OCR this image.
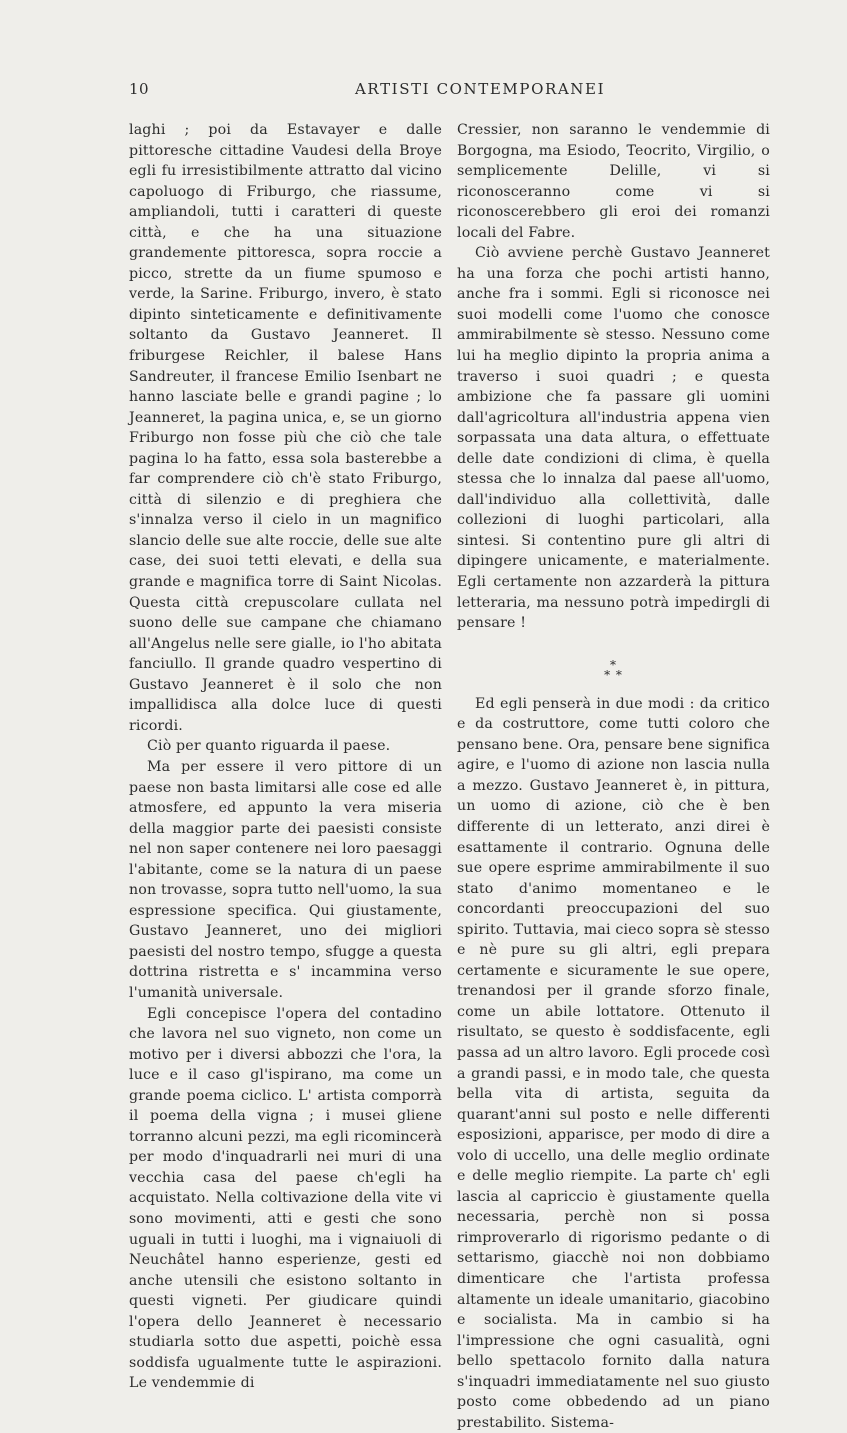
10	ARTISTI CONTEMPORANEI

laghi ; poi da Estavayer e dalle pittoresche cittadine Vaudesi della Broye egli fu irresistibilmente attratto dal vicino capoluogo di Friburgo, che riassume, ampliandoli, tutti i caratteri di queste città, e che ha una situazione grandemente pittoresca, sopra roccie a picco, strette da un fiume spumoso e verde, la Sarine. Friburgo, invero, è stato dipinto sinteticamente e definitivamente soltanto da Gustavo Jeanneret. Il friburgese Reichler, il balese Hans Sandreuter, il francese Emilio Isenbart ne hanno lasciate belle e grandi pagine ; lo Jeanneret, la pagina unica, e, se un giorno Friburgo non fosse più che ciò che tale pagina lo ha fatto, essa sola basterebbe a far comprendere ciò ch'è stato Friburgo, città di silenzio e di preghiera che s'innalza verso il cielo in un magnifico slancio delle sue alte roccie, delle sue alte case, dei suoi tetti elevati, e della sua grande e magnifica torre di Saint Nicolas. Questa città crepuscolare cullata nel suono delle sue campane che chiamano all'Angelus nelle sere gialle, io l'ho abitata fanciullo. Il grande quadro vespertino di Gustavo Jeanneret è il solo che non impallidisca alla dolce luce di questi ricordi.

Ciò per quanto riguarda il paese.

Ma per essere il vero pittore di un paese non basta limitarsi alle cose ed alle atmosfere, ed appunto la vera miseria della maggior parte dei paesisti consiste nel non saper contenere nei loro paesaggi l'abitante, come se la natura di un paese non trovasse, sopra tutto nell'uomo, la sua espressione specifica. Qui giustamente, Gustavo Jeanneret, uno dei migliori paesisti del nostro tempo, sfugge a questa dottrina ristretta e s' incammina verso l'umanità universale.

Egli concepisce l'opera del contadino che lavora nel suo vigneto, non come un motivo per i diversi abbozzi che l'ora, la luce e il caso gl'ispirano, ma come un grande poema ciclico. L' artista comporrà il poema della vigna ; i musei gliene torranno alcuni pezzi, ma egli ricomincerà per modo d'inquadrarli nei muri di una vecchia casa del paese ch'egli ha acquistato. Nella coltivazione della vite vi sono movimenti, atti e gesti che sono uguali in tutti i luoghi, ma i vignaiuoli di Neuchâtel hanno esperienze, gesti ed anche utensili che esistono soltanto in questi vigneti. Per giudicare quindi l'opera dello Jeanneret è necessario studiarla sotto due aspetti, poichè essa soddisfa ugualmente tutte le aspirazioni. Le vendemmie di

Cressier, non saranno le vendemmie di Borgogna, ma Esiodo, Teocrito, Virgilio, o semplicemente Delille, vi si riconosceranno come vi si riconoscerebbero gli eroi dei romanzi locali del Fabre.

Ciò avviene perchè Gustavo Jeanneret ha una forza che pochi artisti hanno, anche fra i sommi. Egli si riconosce nei suoi modelli come l'uomo che conosce ammirabilmente sè stesso. Nessuno come lui ha meglio dipinto la propria anima a traverso i suoi quadri ; e questa ambizione che fa passare gli uomini dall'agricoltura all'industria appena vien sorpassata una data altura, o effettuate delle date condizioni di clima, è quella stessa che lo innalza dal paese all'uomo, dall'individuo alla collettività, dalle collezioni di luoghi particolari, alla sintesi. Si contentino pure gli altri di dipingere unicamente, e materialmente. Egli certamente non azzarderà la pittura letteraria, ma nessuno potrà impedirgli di pensare !

*
* *

Ed egli penserà in due modi : da critico e da costruttore, come tutti coloro che pensano bene. Ora, pensare bene significa agire, e l'uomo di azione non lascia nulla a mezzo. Gustavo Jeanneret è, in pittura, un uomo di azione, ciò che è ben differente di un letterato, anzi direi è esattamente il contrario. Ognuna delle sue opere esprime ammirabilmente il suo stato d'animo momentaneo e le concordanti preoccupazioni del suo spirito. Tuttavia, mai cieco sopra sè stesso e nè pure su gli altri, egli prepara certamente e sicuramente le sue opere, trenandosi per il grande sforzo finale, come un abile lottatore. Ottenuto il risultato, se questo è soddisfacente, egli passa ad un altro lavoro. Egli procede così a grandi passi, e in modo tale, che questa bella vita di artista, seguita da quarant'anni sul posto e nelle differenti esposizioni, apparisce, per modo di dire a volo di uccello, una delle meglio ordinate e delle meglio riempite. La parte ch' egli lascia al capriccio è giustamente quella necessaria, perchè non si possa rimproverarlo di rigorismo pedante o di settarismo, giacchè noi non dobbiamo dimenticare che l'artista professa altamente un ideale umanitario, giacobino e socialista. Ma in cambio si ha l'impressione che ogni casualità, ogni bello spettacolo fornito dalla natura s'inquadri immediatamente nel suo giusto posto come obbedendo ad un piano prestabilito. Sistema-
